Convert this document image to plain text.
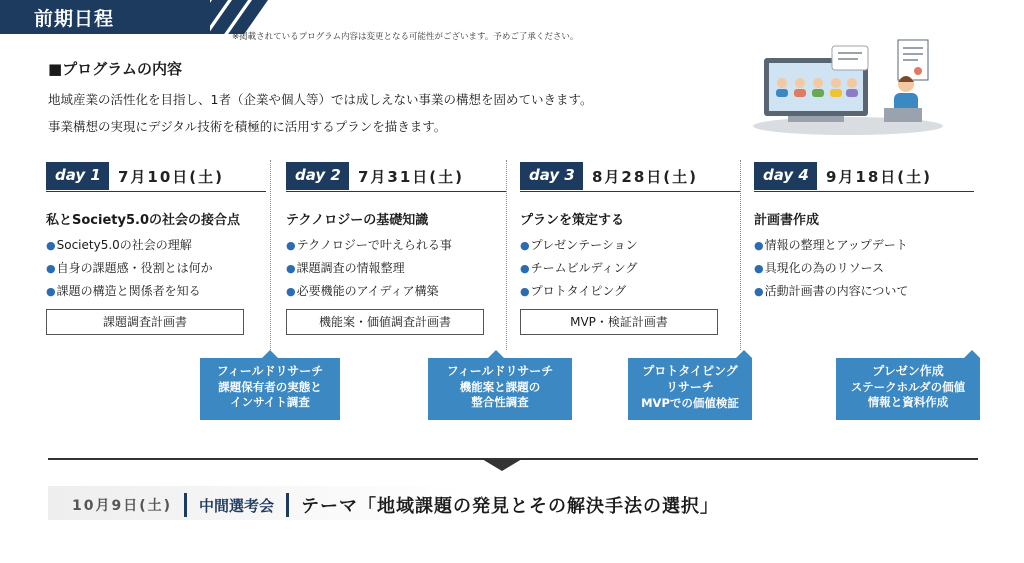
前期日程
※掲載されているプログラム内容は変更となる可能性がございます。予めご了承ください。
■プログラムの内容
地域産業の活性化を目指し、1者（企業や個人等）では成しえない事業の構想を固めていきます。
事業構想の実現にデジタル技術を積極的に活用するプランを描きます。
day 1	7月10日(土)
私とSociety5.0の社会の接合点
●Society5.0の社会の理解
●自身の課題感・役割とは何か
●課題の構造と関係者を知る
課題調査計画書
day 2	7月31日(土)
テクノロジーの基礎知識
●テクノロジーで叶えられる事
●課題調査の情報整理
●必要機能のアイディア構築
機能案・価値調査計画書
day 3	8月28日(土)
プランを策定する
●プレゼンテーション
●チームビルディング
●プロトタイピング
MVP・検証計画書
day 4	9月18日(土)
計画書作成
●情報の整理とアップデート
●具現化の為のリソース
●活動計画書の内容について
フィールドリサーチ
課題保有者の実態と
インサイト調査
フィールドリサーチ
機能案と課題の
整合性調査
プロトタイピング
リサーチ
MVPでの価値検証
プレゼン作成
ステークホルダの価値
情報と資料作成
10月9日(土) 中間選考会 テーマ「地域課題の発見とその解決手法の選択」
